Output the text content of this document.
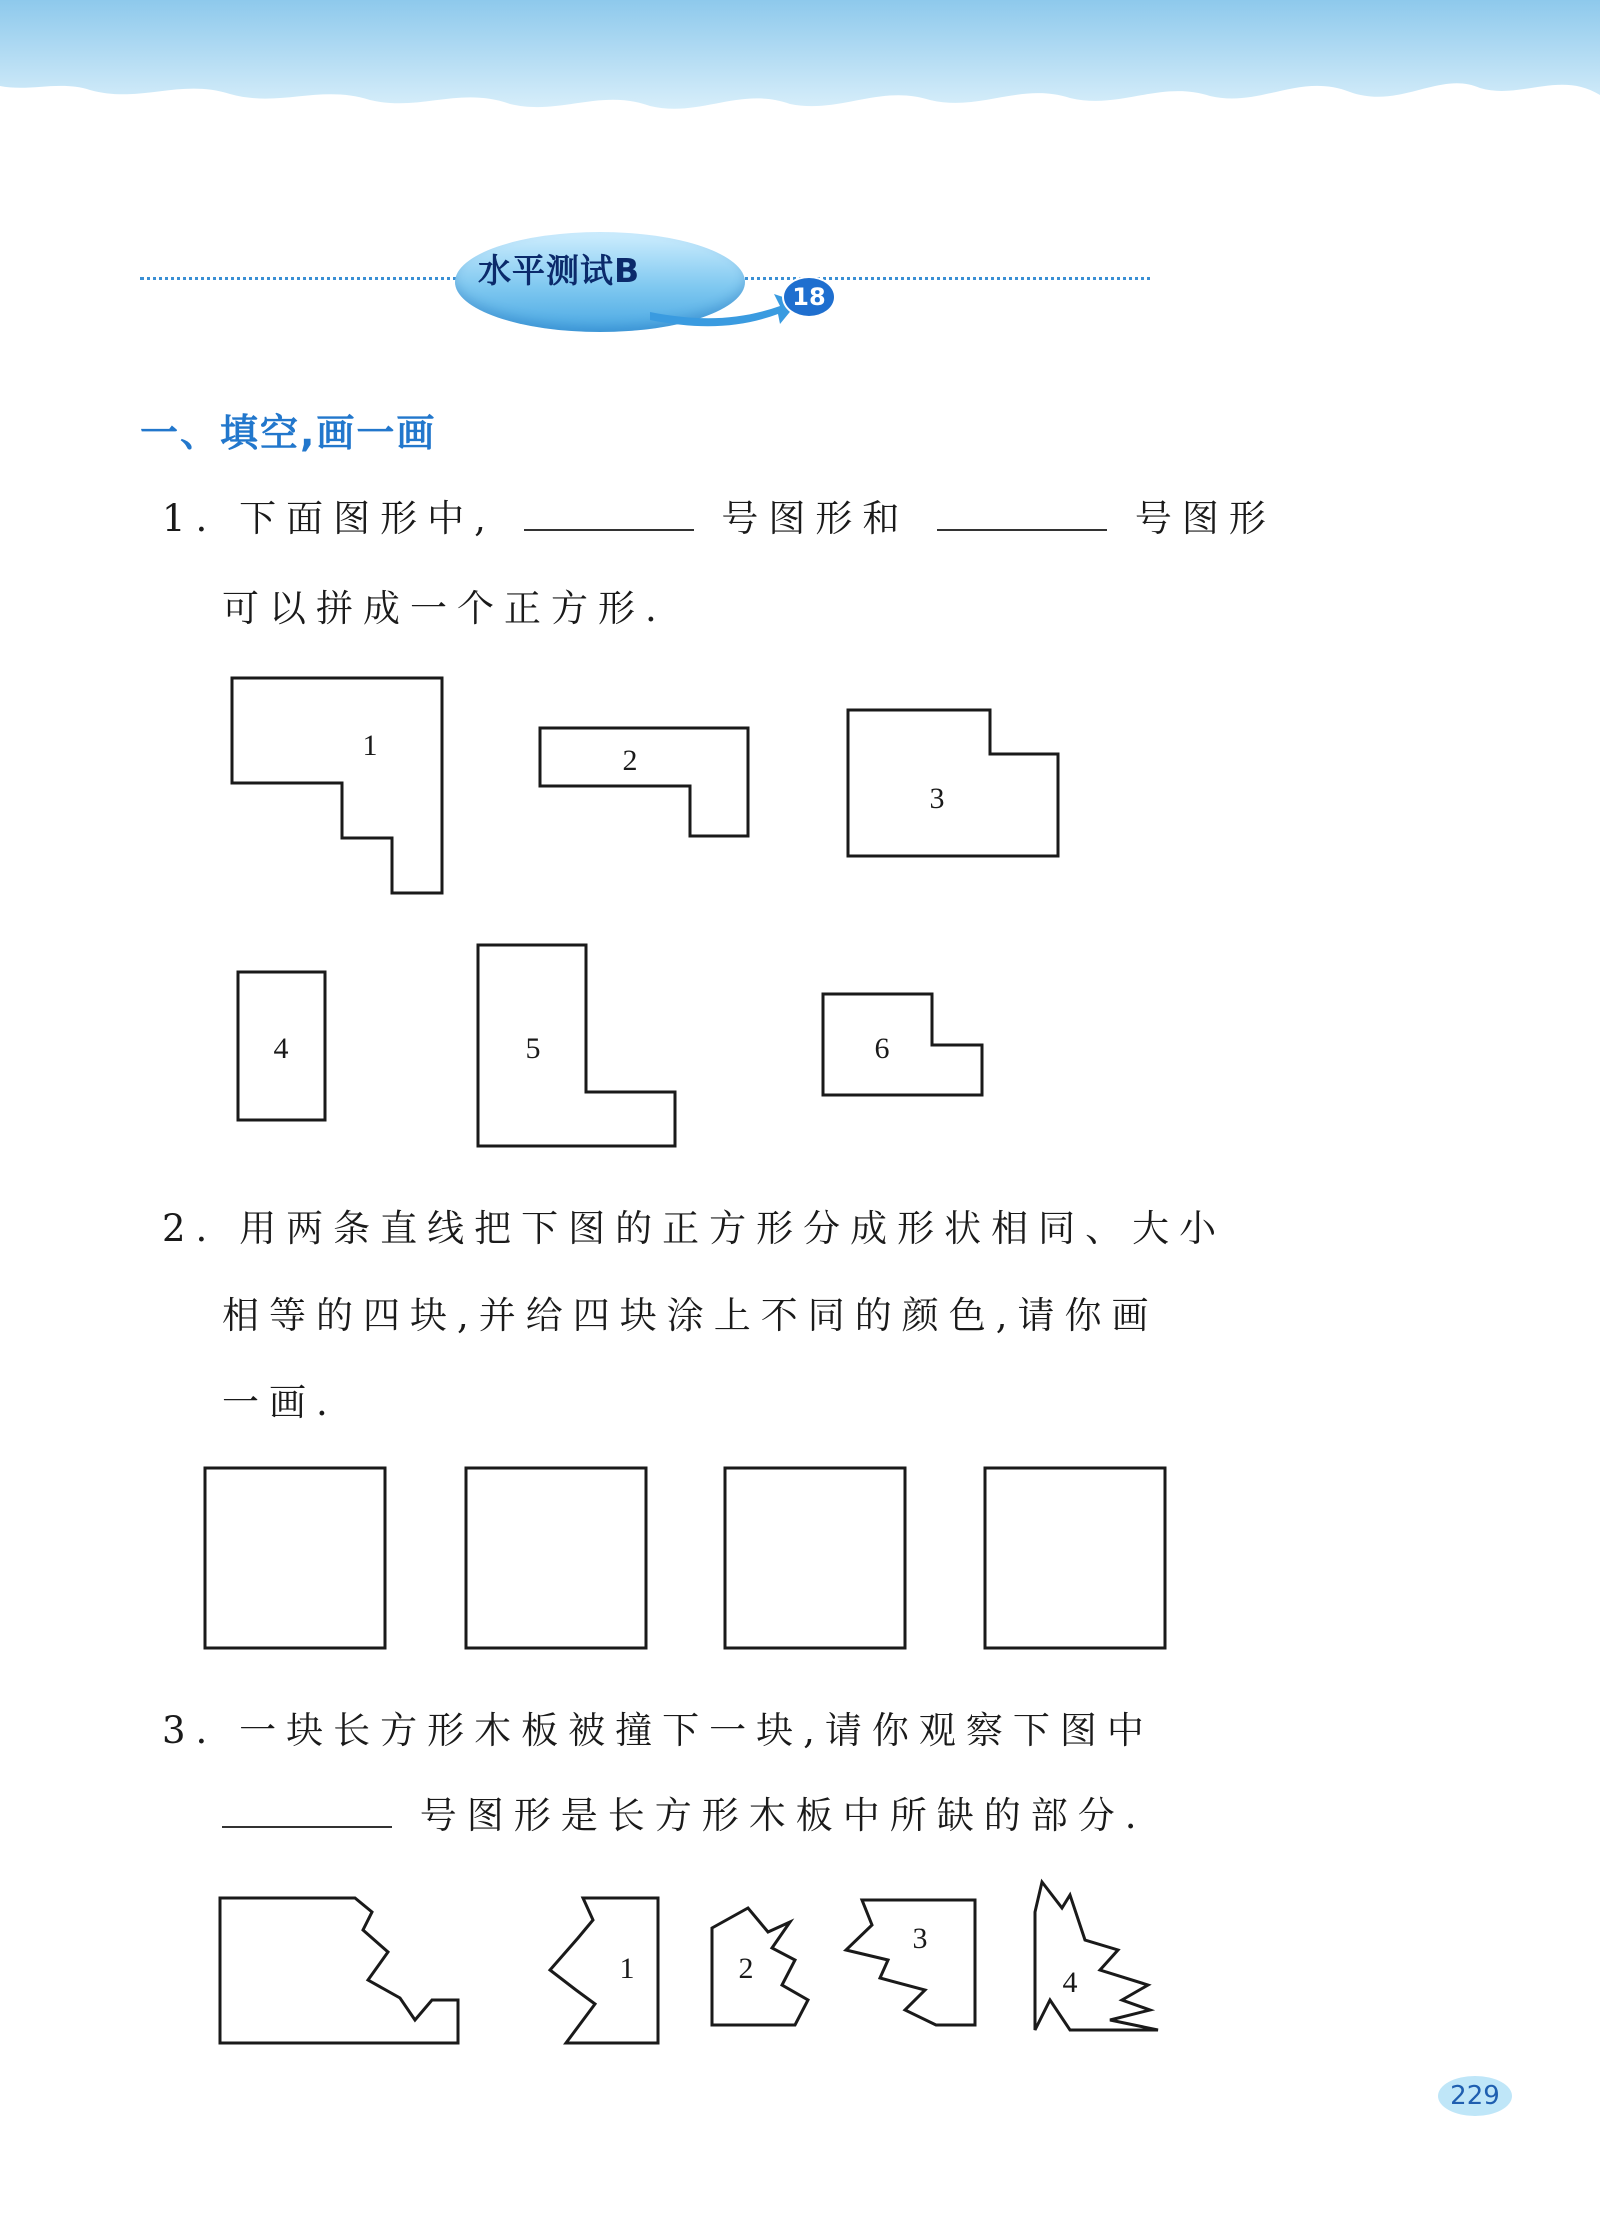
水平测试B
18
一、填空,画一画
1. 下面图形中,	号图形和	号图形
可以拼成一个正方形.
1	2
3
4	5	6
2. 用两条直线把下图的正方形分成形状相同、大小
相等的四块,并给四块涂上不同的颜色,请你画
一画.
3. 一块长方形木板被撞下一块,请你观察下图中
号图形是长方形木板中所缺的部分.
1	2
3
4
229
